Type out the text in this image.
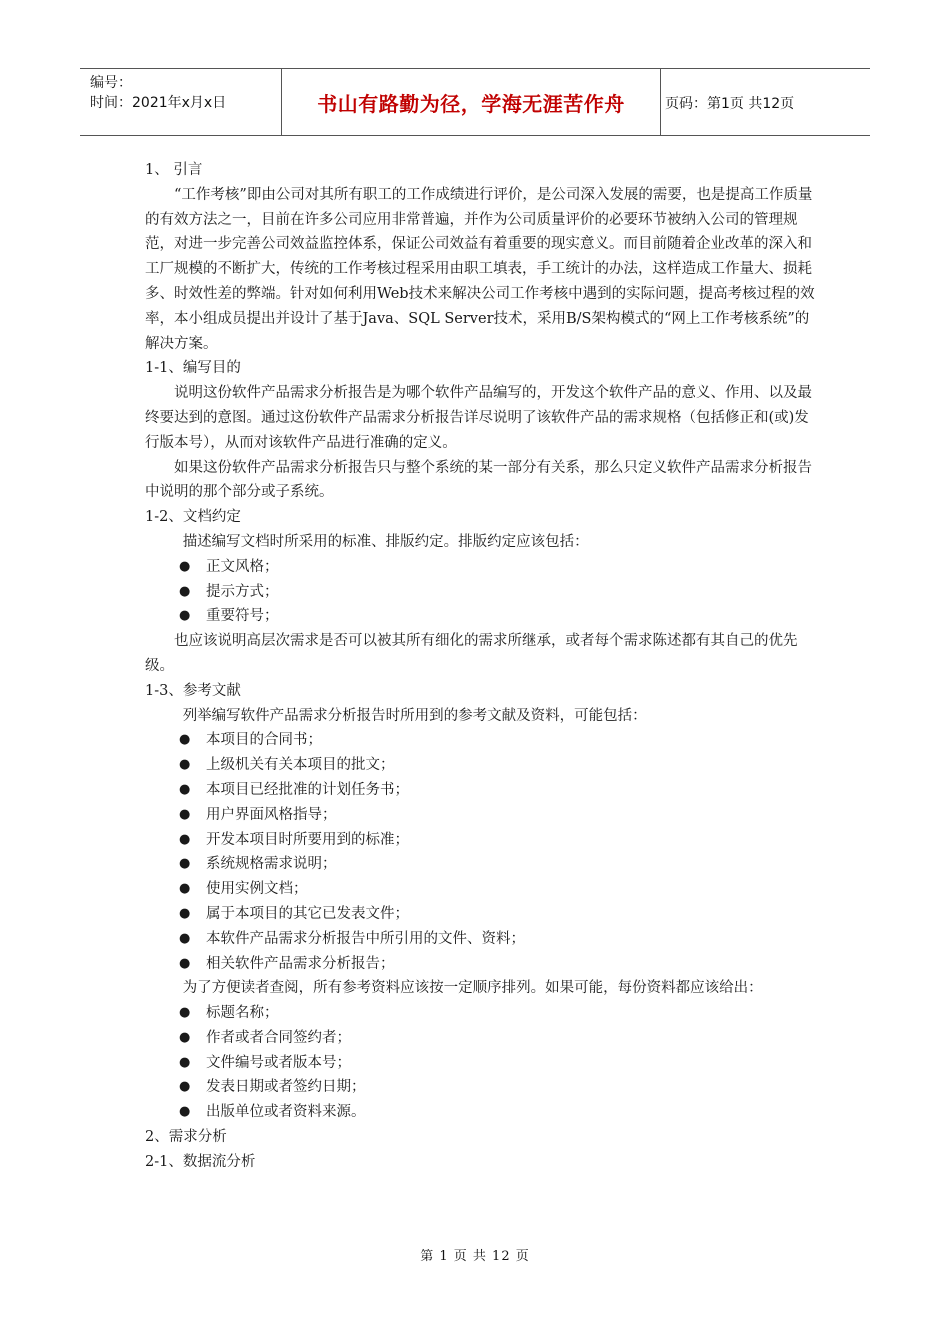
编号：
时间：2021年x月x日	书山有路勤为径，学海无涯苦作舟	页码：第1页 共12页

1、 引言

“工作考核”即由公司对其所有职工的工作成绩进行评价，是公司深入发展的需要，也是提高工作质量的有效方法之一，目前在许多公司应用非常普遍，并作为公司质量评价的必要环节被纳入公司的管理规范，对进一步完善公司效益监控体系，保证公司效益有着重要的现实意义。而目前随着企业改革的深入和工厂规模的不断扩大，传统的工作考核过程采用由职工填表，手工统计的办法，这样造成工作量大、损耗多、时效性差的弊端。针对如何利用Web技术来解决公司工作考核中遇到的实际问题，提高考核过程的效率，本小组成员提出并设计了基于Java、SQL Server技术，采用B/S架构模式的“网上工作考核系统”的解决方案。

1-1、编写目的

说明这份软件产品需求分析报告是为哪个软件产品编写的，开发这个软件产品的意义、作用、以及最终要达到的意图。通过这份软件产品需求分析报告详尽说明了该软件产品的需求规格（包括修正和(或)发行版本号），从而对该软件产品进行准确的定义。

如果这份软件产品需求分析报告只与整个系统的某一部分有关系，那么只定义软件产品需求分析报告中说明的那个部分或子系统。

1-2、文档约定

描述编写文档时所采用的标准、排版约定。排版约定应该包括：

●	正文风格；
●	提示方式；
●	重要符号；

也应该说明高层次需求是否可以被其所有细化的需求所继承，或者每个需求陈述都有其自己的优先级。

1-3、参考文献

列举编写软件产品需求分析报告时所用到的参考文献及资料，可能包括：

●	本项目的合同书；
●	上级机关有关本项目的批文；
●	本项目已经批准的计划任务书；
●	用户界面风格指导；
●	开发本项目时所要用到的标准；
●	系统规格需求说明；
●	使用实例文档；
●	属于本项目的其它已发表文件；
●	本软件产品需求分析报告中所引用的文件、资料；
●	相关软件产品需求分析报告；

为了方便读者查阅，所有参考资料应该按一定顺序排列。如果可能，每份资料都应该给出：

●	标题名称；
●	作者或者合同签约者；
●	文件编号或者版本号；
●	发表日期或者签约日期；
●	出版单位或者资料来源。

2、需求分析

2-1、数据流分析

第 1 页 共 12 页
